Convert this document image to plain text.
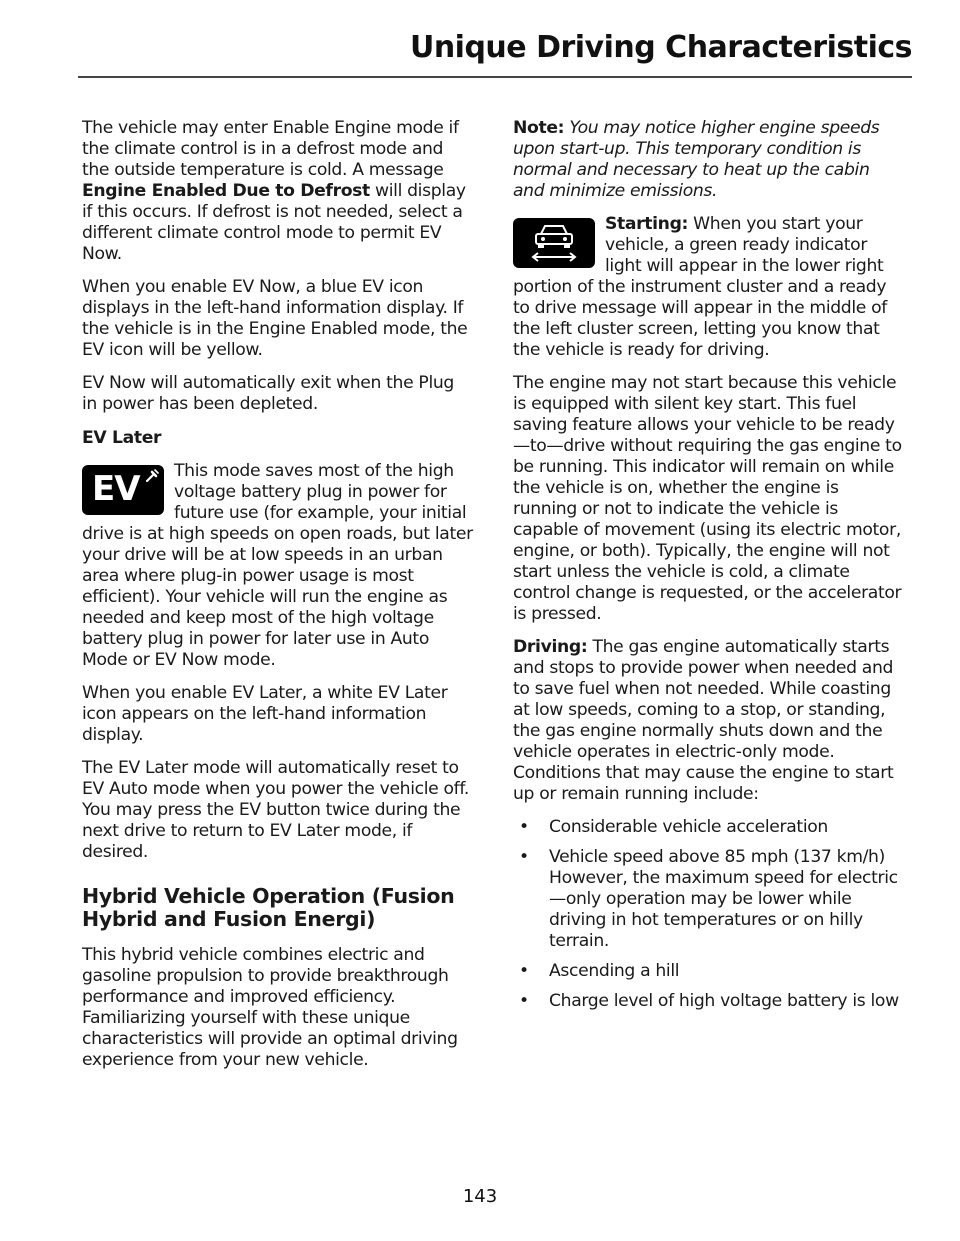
Unique Driving Characteristics

The vehicle may enter Enable Engine mode if the climate control is in a defrost mode and the outside temperature is cold. A message Engine Enabled Due to Defrost will display if this occurs. If defrost is not needed, select a different climate control mode to permit EV Now.

When you enable EV Now, a blue EV icon displays in the left-hand information display. If the vehicle is in the Engine Enabled mode, the EV icon will be yellow.

EV Now will automatically exit when the Plug in power has been depleted.

EV Later
EV	This mode saves most of the high voltage battery plug in power for future use (for example, your initial drive is at high speeds on open roads, but later your drive will be at low speeds in an urban area where plug-in power usage is most efficient). Your vehicle will run the engine as needed and keep most of the high voltage battery plug in power for later use in Auto Mode or EV Now mode.

When you enable EV Later, a white EV Later icon appears on the left-hand information display.

The EV Later mode will automatically reset to EV Auto mode when you power the vehicle off. You may press the EV button twice during the next drive to return to EV Later mode, if desired.

Hybrid Vehicle Operation (Fusion Hybrid and Fusion Energi)

This hybrid vehicle combines electric and gasoline propulsion to provide breakthrough performance and improved efficiency. Familiarizing yourself with these unique characteristics will provide an optimal driving experience from your new vehicle.

Note: You may notice higher engine speeds upon start-up. This temporary condition is normal and necessary to heat up the cabin and minimize emissions.

Starting: When you start your vehicle, a green ready indicator light will appear in the lower right portion of the instrument cluster and a ready to drive message will appear in the middle of the left cluster screen, letting you know that the vehicle is ready for driving.

The engine may not start because this vehicle is equipped with silent key start. This fuel saving feature allows your vehicle to be ready—to—drive without requiring the gas engine to be running. This indicator will remain on while the vehicle is on, whether the engine is running or not to indicate the vehicle is capable of movement (using its electric motor, engine, or both). Typically, the engine will not start unless the vehicle is cold, a climate control change is requested, or the accelerator is pressed.

Driving: The gas engine automatically starts and stops to provide power when needed and to save fuel when not needed. While coasting at low speeds, coming to a stop, or standing, the gas engine normally shuts down and the vehicle operates in electric-only mode. Conditions that may cause the engine to start up or remain running include:

• Considerable vehicle acceleration
• Vehicle speed above 85 mph (137 km/h) However, the maximum speed for electric—only operation may be lower while driving in hot temperatures or on hilly terrain.
• Ascending a hill
• Charge level of high voltage battery is low
143
